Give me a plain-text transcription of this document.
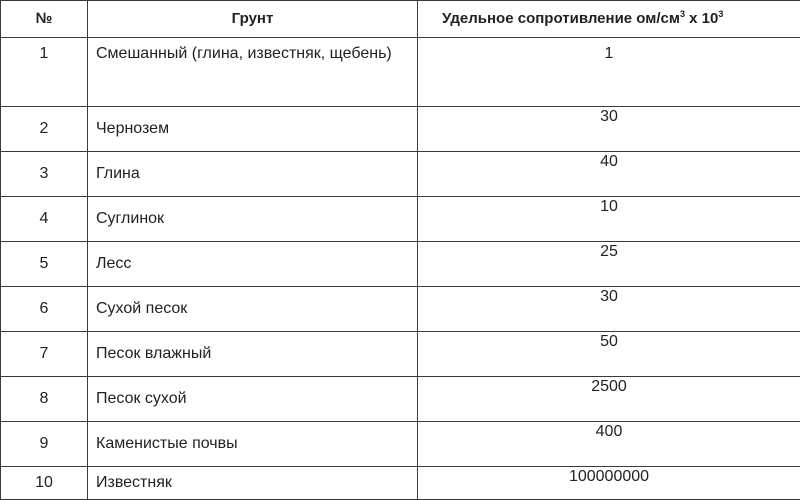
№	Грунт	Удельное сопротивление $ом/см^3$ х $10^3$
1	Смешанный (глина, известняк, щебень)	1
2	Чернозем	30
3	Глина	40
4	Суглинок	10
5	Лесс	25
6	Сухой песок	30
7	Песок влажный	50
8	Песок сухой	2500
9	Каменистые почвы	400
10	Известняк	100000000
